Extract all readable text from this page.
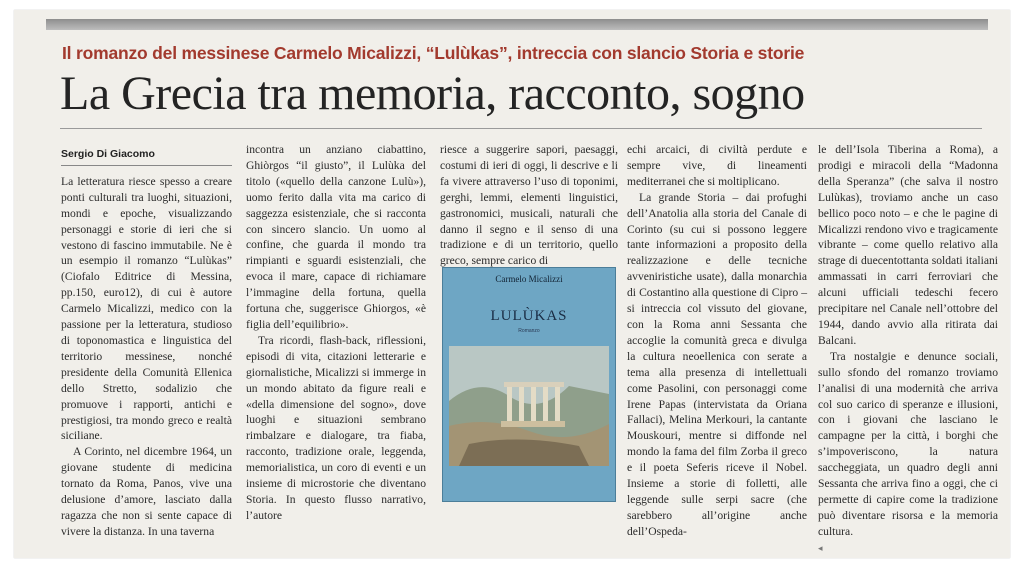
Il romanzo del messinese Carmelo Micalizzi, “Lulùkas”, intreccia con slancio Storia e storie
La Grecia tra memoria, racconto, sogno
Sergio Di Giacomo

La letteratura riesce spesso a creare ponti culturali tra luoghi, situazioni, mondi e epoche, visualizzando personaggi e storie di ieri che si vestono di fascino immutabile. Ne è un esempio il romanzo “Lulùkas” (Ciofalo Editrice di Messina, pp.150, euro12), di cui è autore Carmelo Micalizzi, medico con la passione per la letteratura, studioso di toponomastica e linguistica del territorio messinese, nonché presidente della Comunità Ellenica dello Stretto, sodalizio che promuove i rapporti, antichi e prestigiosi, tra mondo greco e realtà siciliane.

A Corinto, nel dicembre 1964, un giovane studente di medicina tornato da Roma, Panos, vive una delusione d’amore, lasciato dalla ragazza che non si sente capace di vivere la distanza. In una taverna

incontra un anziano ciabattino, Ghiòrgos “il giusto”, il Lulùka del titolo («quello della canzone Lulù»), uomo ferito dalla vita ma carico di saggezza esistenziale, che si racconta con sincero slancio. Un uomo al confine, che guarda il mondo tra rimpianti e sguardi esistenziali, che evoca il mare, capace di richiamare l’immagine della fortuna, quella fortuna che, suggerisce Ghiorgos, «è figlia dell’equilibrio».

Tra ricordi, flash-back, riflessioni, episodi di vita, citazioni letterarie e giornalistiche, Micalizzi si immerge in un mondo abitato da figure reali e «della dimensione del sogno», dove luoghi e situazioni sembrano rimbalzare e dialogare, tra fiaba, racconto, tradizione orale, leggenda, memorialistica, un coro di eventi e un insieme di microstorie che diventano Storia. In questo flusso narrativo, l’autore

riesce a suggerire sapori, paesaggi, costumi di ieri di oggi, li descrive e li fa vivere attraverso l’uso di toponimi, gerghi, lemmi, elementi linguistici, gastronomici, musicali, naturali che danno il segno e il senso di una tradizione e di un territorio, quello greco, sempre carico di

Carmelo Micalizzi
LULÙKAS
Romanzo

echi arcaici, di civiltà perdute e sempre vive, di lineamenti mediterranei che si moltiplicano.

La grande Storia – dai profughi dell’Anatolia alla storia del Canale di Corinto (su cui si possono leggere tante informazioni a proposito della realizzazione e delle tecniche avveniristiche usate), dalla monarchia di Costantino alla questione di Cipro – si intreccia col vissuto del giovane, con la Roma anni Sessanta che accoglie la comunità greca e divulga la cultura neoellenica con serate a tema alla presenza di intellettuali come Pasolini, con personaggi come Irene Papas (intervistata da Oriana Fallaci), Melina Merkouri, la cantante Mouskouri, mentre si diffonde nel mondo la fama del film Zorba il greco e il poeta Seferis riceve il Nobel. Insieme a storie di folletti, alle leggende sulle serpi sacre (che sarebbero all’origine anche dell’Ospeda-

le dell’Isola Tiberina a Roma), a prodigi e miracoli della “Madonna della Speranza” (che salva il nostro Lulùkas), troviamo anche un caso bellico poco noto – e che le pagine di Micalizzi rendono vivo e tragicamente vibrante – come quello relativo alla strage di duecentottanta soldati italiani ammassati in carri ferroviari che alcuni ufficiali tedeschi fecero precipitare nel Canale nell’ottobre del 1944, dando avvio alla ritirata dai Balcani.

Tra nostalgie e denunce sociali, sullo sfondo del romanzo troviamo l’analisi di una modernità che arriva col suo carico di speranze e illusioni, con i giovani che lasciano le campagne per la città, i borghi che s’impoveriscono, la natura saccheggiata, un quadro degli anni Sessanta che arriva fino a oggi, che ci permette di capire come la tradizione può diventare risorsa e la memoria cultura.

◂
